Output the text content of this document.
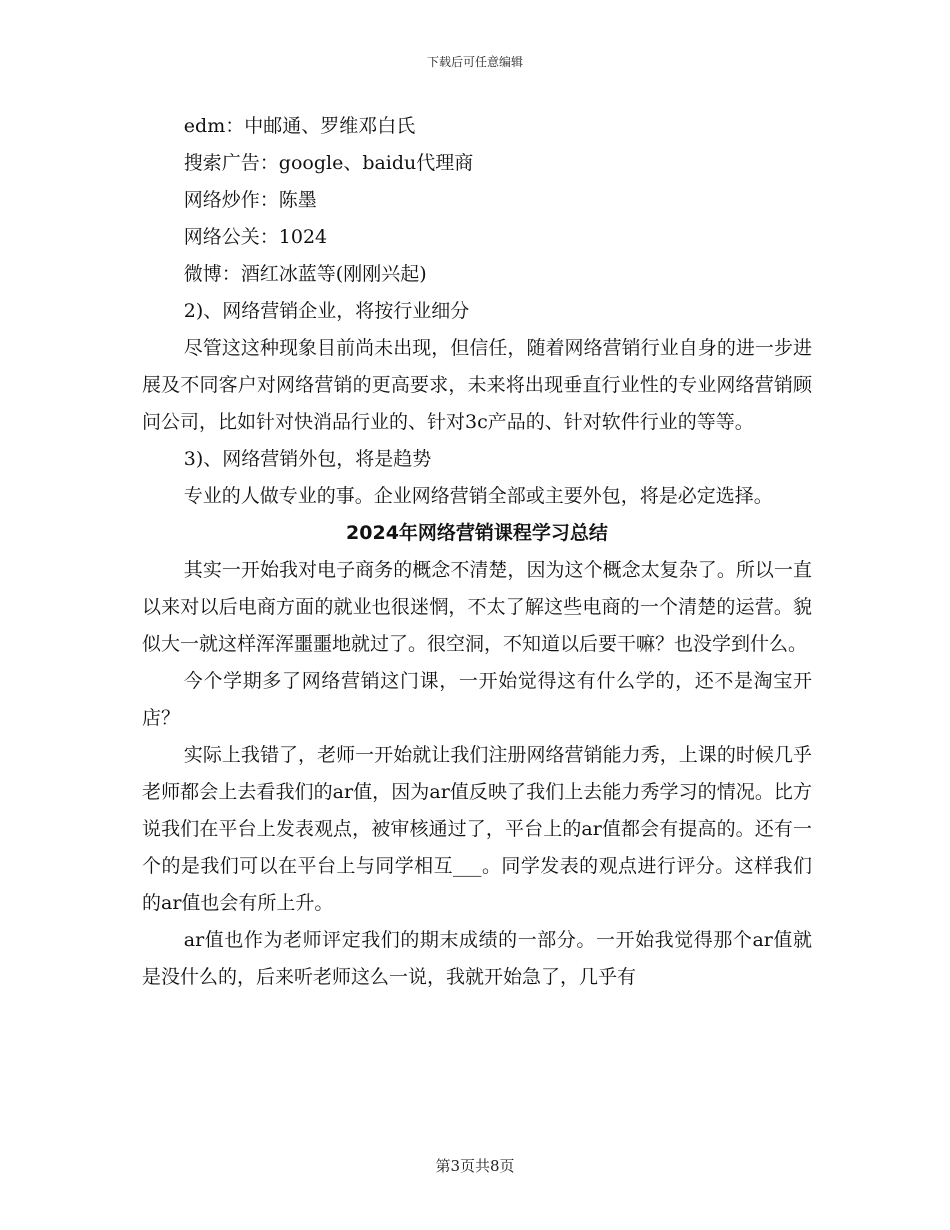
下载后可任意编辑

edm：中邮通、罗维邓白氏

搜索广告：google、baidu代理商

网络炒作：陈墨

网络公关：1024

微博：酒红冰蓝等(刚刚兴起)

2)、网络营销企业，将按行业细分

尽管这这种现象目前尚未出现，但信任，随着网络营销行业自身的进一步进展及不同客户对网络营销的更高要求，未来将出现垂直行业性的专业网络营销顾问公司，比如针对快消品行业的、针对3c产品的、针对软件行业的等等。

3)、网络营销外包，将是趋势

专业的人做专业的事。企业网络营销全部或主要外包，将是必定选择。

2024年网络营销课程学习总结

其实一开始我对电子商务的概念不清楚，因为这个概念太复杂了。所以一直以来对以后电商方面的就业也很迷惘，不太了解这些电商的一个清楚的运营。貌似大一就这样浑浑噩噩地就过了。很空洞，不知道以后要干嘛？也没学到什么。

今个学期多了网络营销这门课，一开始觉得这有什么学的，还不是淘宝开店？

实际上我错了，老师一开始就让我们注册网络营销能力秀，上课的时候几乎老师都会上去看我们的ar值，因为ar值反映了我们上去能力秀学习的情况。比方说我们在平台上发表观点，被审核通过了，平台上的ar值都会有提高的。还有一个的是我们可以在平台上与同学相互___。同学发表的观点进行评分。这样我们的ar值也会有所上升。

ar值也作为老师评定我们的期末成绩的一部分。一开始我觉得那个ar值就是没什么的，后来听老师这么一说，我就开始急了，几乎有

第3页共8页
